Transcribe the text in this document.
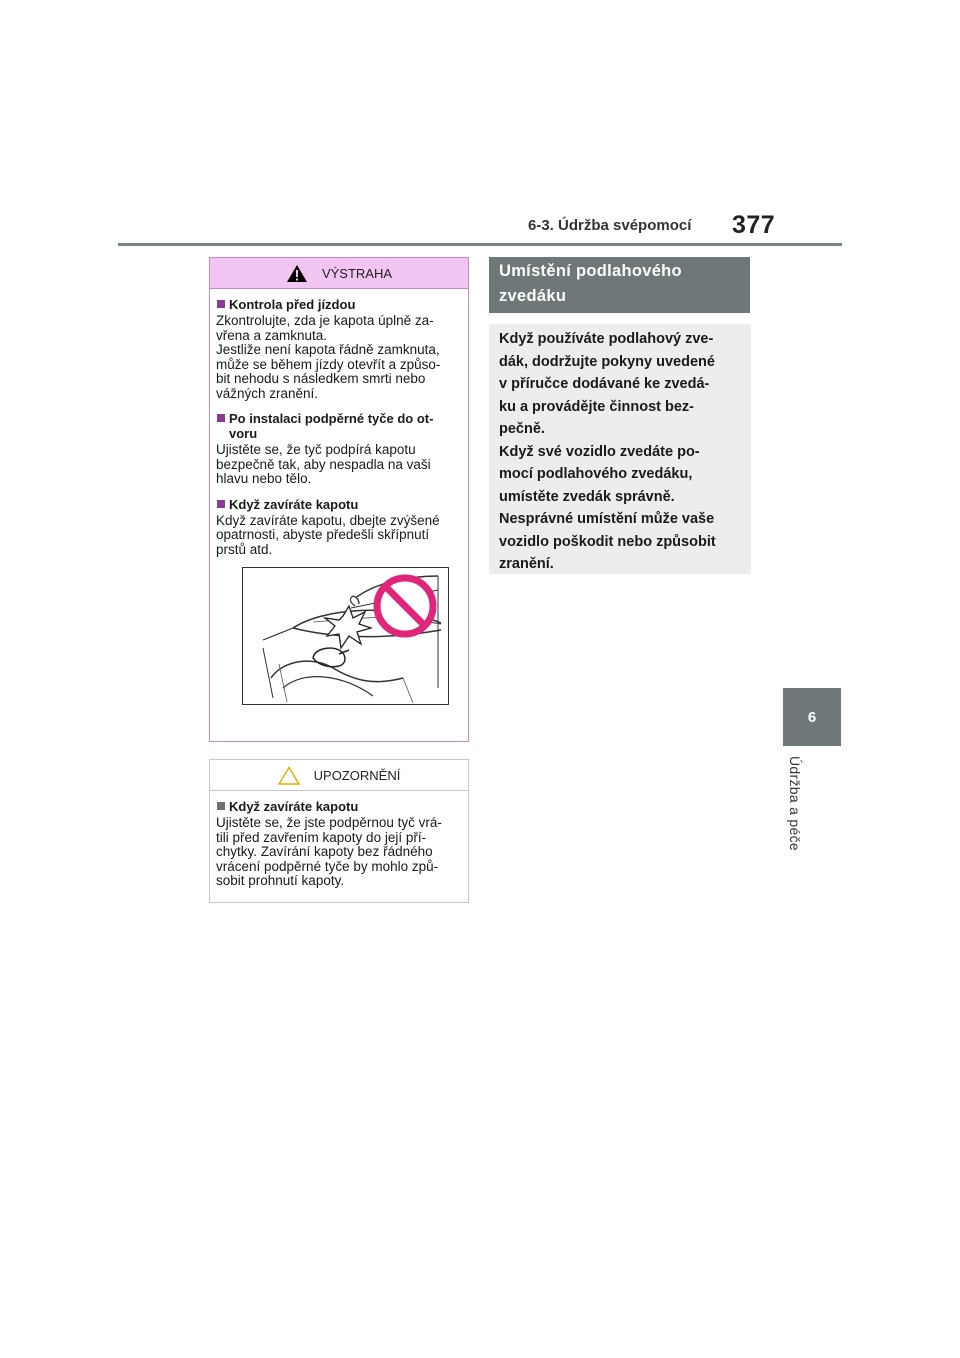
6-3. Údržba svépomocí 377
6
Údržba a péče
VÝSTRAHA
Kontrola před jízdou
Zkontrolujte, zda je kapota úplně za-
vřena a zamknuta.
Jestliže není kapota řádně zamknuta,
může se během jízdy otevřít a způso-
bit nehodu s následkem smrti nebo
vážných zranění.
Po instalaci podpěrné tyče do ot-
voru
Ujistěte se, že tyč podpírá kapotu
bezpečně tak, aby nespadla na vaši
hlavu nebo tělo.
Když zavíráte kapotu
Když zavíráte kapotu, dbejte zvýšené
opatrnosti, abyste předešli skřípnutí
prstů atd.
UPOZORNĚNÍ
Když zavíráte kapotu
Ujistěte se, že jste podpěrnou tyč vrá-
tili před zavřením kapoty do její pří-
chytky. Zavírání kapoty bez řádného
vrácení podpěrné tyče by mohlo způ-
sobit prohnutí kapoty.
Umístění podlahového
zvedáku
Když používáte podlahový zve-
dák, dodržujte pokyny uvedené
v příručce dodávané ke zvedá-
ku a provádějte činnost bez-
pečně.
Když své vozidlo zvedáte po-
mocí podlahového zvedáku,
umístěte zvedák správně.
Nesprávné umístění může vaše
vozidlo poškodit nebo způsobit
zranění.
